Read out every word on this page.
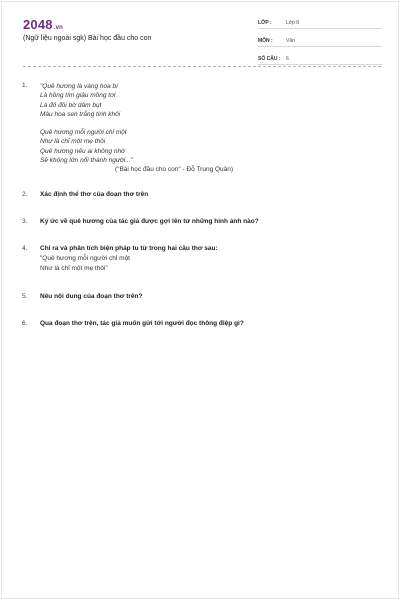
2048.vn
(Ngữ liệu ngoài sgk) Bài học đầu cho con
LỚP :	Lớp 8
MÔN :	Văn
SỐ CÂU :	6
1.	"Quê hương là vàng hoa bí
Là hồng tím giậu mồng tơi
Là đỏ đôi bờ dâm bụt
Màu hoa sen trắng tinh khôi
Quê hương mỗi người chỉ một
Như là chỉ một mẹ thôi
Quê hương nếu ai không nhớ
Sẽ không lớn nổi thành người..."
("Bài học đầu cho con" - Đỗ Trung Quân)
2.	Xác định thể thơ của đoạn thơ trên
3.	Ký ức về quê hương của tác giả được gợi lên từ những hình ảnh nào?
4.	Chỉ ra và phân tích biện pháp tu từ trong hai câu thơ sau:
"Quê hương mỗi người chỉ một
Như là chỉ một mẹ thôi"
5.	Nêu nội dung của đoạn thơ trên?
6.	Qua đoạn thơ trên, tác giả muốn gửi tới người đọc thông điệp gì?
